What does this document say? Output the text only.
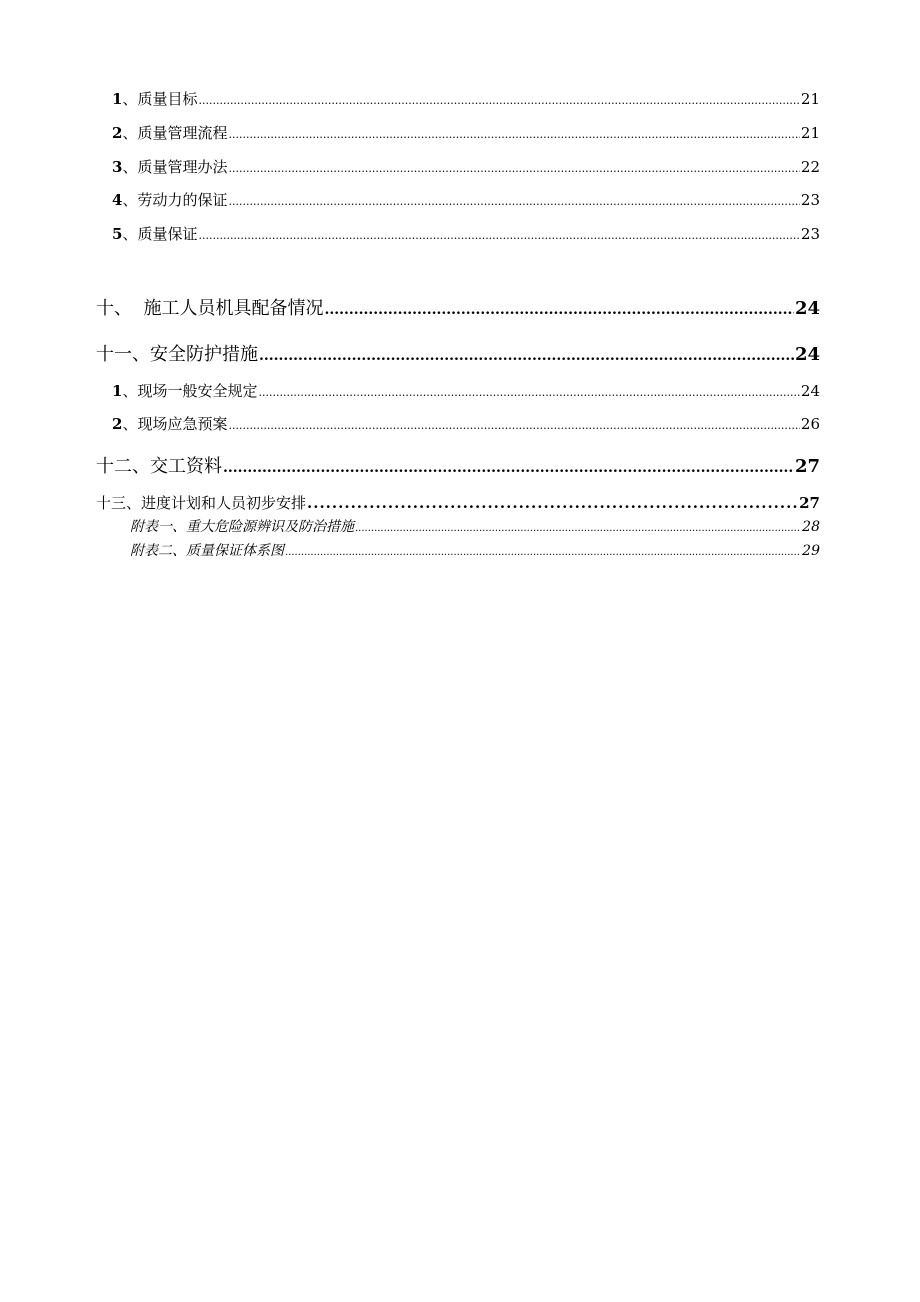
1、质量目标 .....	21
2、质量管理流程 .....	21
3、质量管理办法 .....	22
4、劳动力的保证 .....	23
5、质量保证 .....	23
十、  施工人员机具配备情况 .....	24
十一、安全防护措施 .....	24
1、现场一般安全规定 .....	24
2、现场应急预案 .....	26
十二、交工资料 .....	27
十三、进度计划和人员初步安排 .....	27
附表一、重大危险源辨识及防治措施 .....	28
附表二、质量保证体系图 .....	29
